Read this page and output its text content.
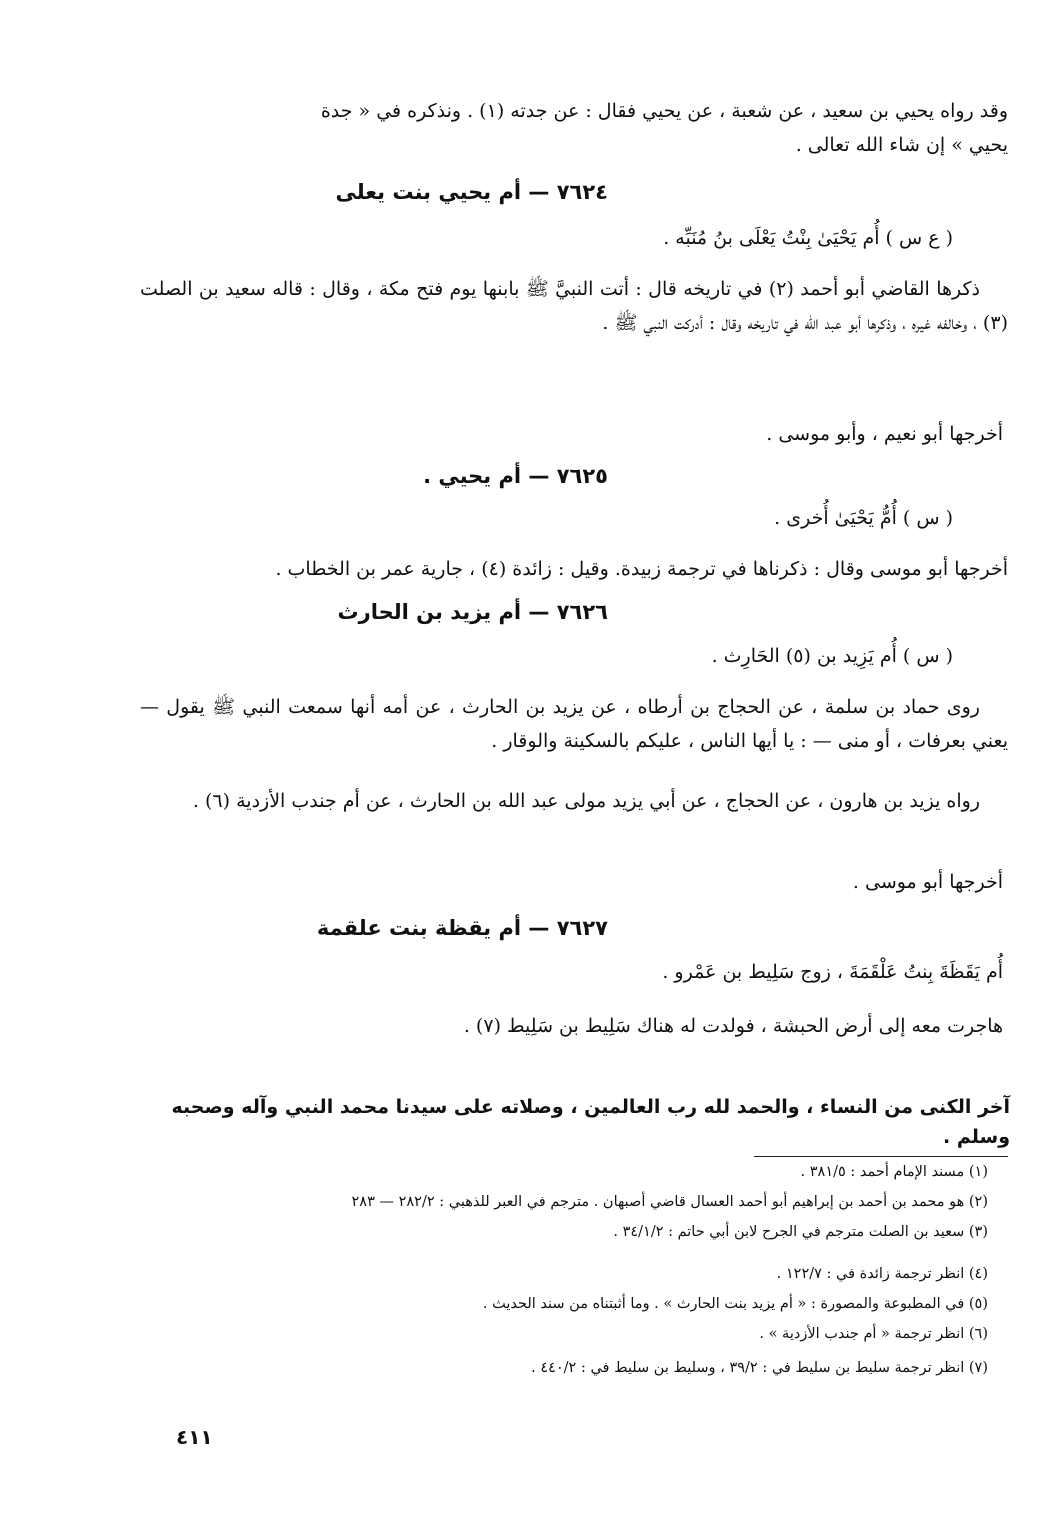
وقد رواه يحيي بن سعيد ، عن شعبة ، عن يحيي فقال : عن جدته (١) . ونذكره في « جدة
يحيي » إن شاء الله تعالى .
٧٦٢٤ — أم يحيي بنت يعلى
( ع س ) أُم يَحْيَىٰ بِنْتُ يَعْلَى بنُ مُنَبِّه .
ذكرها القاضي أبو أحمد (٢) في تاريخه قال : أتت النبيَّ ﷺ بابنها يوم فتح مكة ، وقال : قاله سعيد بن الصلت (٣) ، وخالفه غيره ، وذكرها أبو عبد الله في تاريخه وقال : أدركت النبي ﷺ .
أخرجها أبو نعيم ، وأبو موسى .
٧٦٢٥ — أم يحيي .
( س ) أُمُّ يَحْيَىٰ أُخرى .
أخرجها أبو موسى وقال : ذكرناها في ترجمة زبيدة. وقيل : زائدة (٤) ، جارية عمر بن الخطاب .
٧٦٢٦ — أم يزيد بن الحارث
( س ) أُم يَزِيد بن (٥) الحَارِث .
روى حماد بن سلمة ، عن الحجاج بن أرطاه ، عن يزيد بن الحارث ، عن أمه أنها سمعت النبي ﷺ يقول — يعني بعرفات ، أو منى — : يا أيها الناس ، عليكم بالسكينة والوقار .
رواه يزيد بن هارون ، عن الحجاج ، عن أبي يزيد مولى عبد الله بن الحارث ، عن أم جندب الأزدية (٦) .
أخرجها أبو موسى .
٧٦٢٧ — أم يقظة بنت علقمة
أُم يَقَظَةَ بِنتُ عَلْقَمَةَ ، زوج سَلِيط بن عَمْرو .
هاجرت معه إلى أرض الحبشة ، فولدت له هناك سَلِيط بن سَلِيط (٧) .
آخر الكنى من النساء ، والحمد لله رب العالمين ، وصلاته على سيدنا محمد النبي وآله وصحبه وسلم .
(١) مسند الإمام أحمد : ٣٨١/٥ .
(٢) هو محمد بن أحمد بن إبراهيم أبو أحمد العسال قاضي أصبهان . مترجم في العبر للذهبي : ٢٨٢/٢ — ٢٨٣
(٣) سعيد بن الصلت مترجم في الجرح لابن أبي حاتم : ٣٤/١/٢ .
(٤) انظر ترجمة زائدة في : ١٢٢/٧ .
(٥) في المطبوعة والمصورة : « أم يزيد بنت الحارث » . وما أثبتناه من سند الحديث .
(٦) انظر ترجمة « أم جندب الأزدية » .
(٧) انظر ترجمة سليط بن سليط في : ٣٩/٢ ، وسليط بن سليط في : ٤٤٠/٢ .
٤١١
